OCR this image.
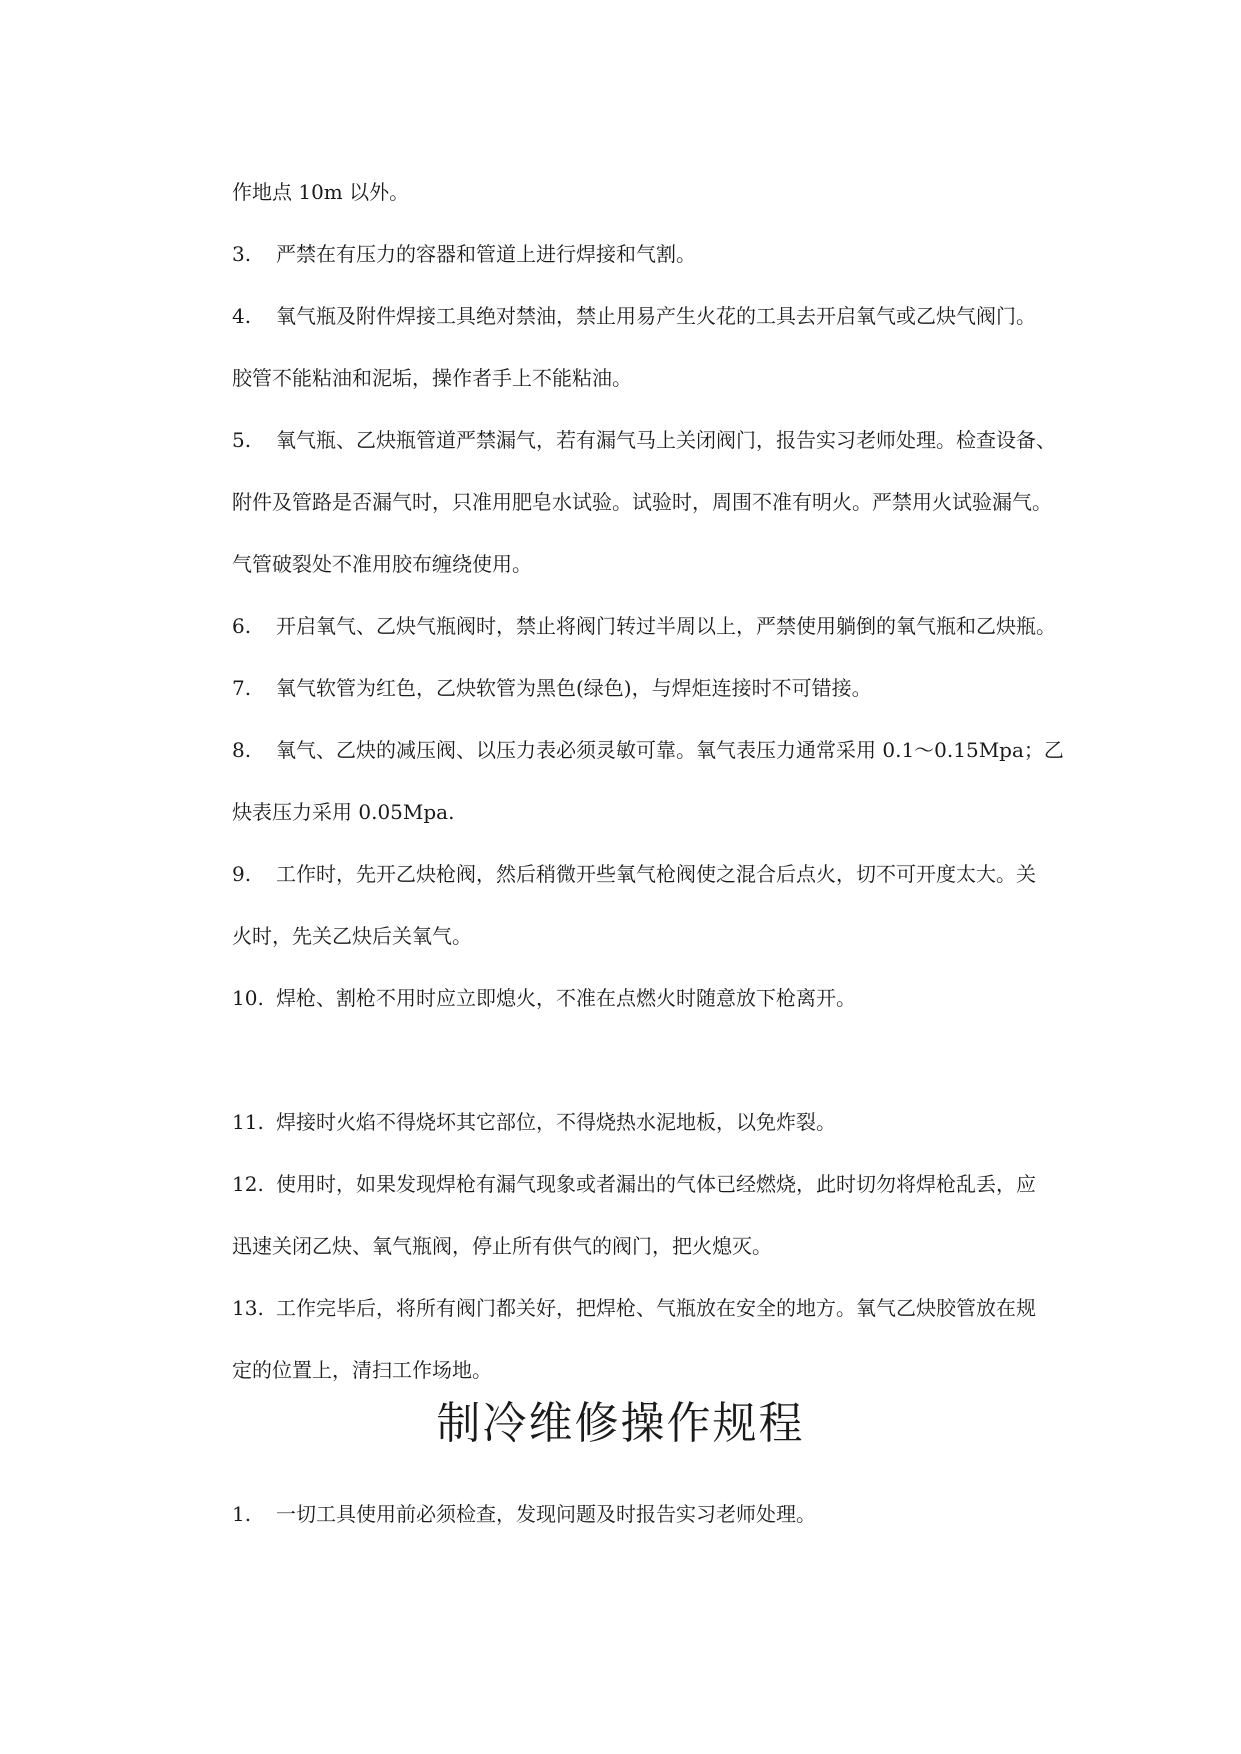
作地点 10m 以外。
3. 严禁在有压力的容器和管道上进行焊接和气割。
4. 氧气瓶及附件焊接工具绝对禁油，禁止用易产生火花的工具去开启氧气或乙炔气阀门。
胶管不能粘油和泥垢，操作者手上不能粘油。
5. 氧气瓶、乙炔瓶管道严禁漏气，若有漏气马上关闭阀门，报告实习老师处理。检查设备、
附件及管路是否漏气时，只准用肥皂水试验。试验时，周围不准有明火。严禁用火试验漏气。
气管破裂处不准用胶布缠绕使用。
6. 开启氧气、乙炔气瓶阀时，禁止将阀门转过半周以上，严禁使用躺倒的氧气瓶和乙炔瓶。
7. 氧气软管为红色，乙炔软管为黑色(绿色)，与焊炬连接时不可错接。
8. 氧气、乙炔的减压阀、以压力表必须灵敏可靠。氧气表压力通常采用 0.1～0.15Mpa；乙
炔表压力采用 0.05Mpa.
9. 工作时，先开乙炔枪阀，然后稍微开些氧气枪阀使之混合后点火，切不可开度太大。关
火时，先关乙炔后关氧气。
10. 焊枪、割枪不用时应立即熄火，不准在点燃火时随意放下枪离开。
11. 焊接时火焰不得烧坏其它部位，不得烧热水泥地板，以免炸裂。
12. 使用时，如果发现焊枪有漏气现象或者漏出的气体已经燃烧，此时切勿将焊枪乱丢，应
迅速关闭乙炔、氧气瓶阀，停止所有供气的阀门，把火熄灭。
13. 工作完毕后，将所有阀门都关好，把焊枪、气瓶放在安全的地方。氧气乙炔胶管放在规
定的位置上，清扫工作场地。
制冷维修操作规程
1. 一切工具使用前必须检查，发现问题及时报告实习老师处理。
